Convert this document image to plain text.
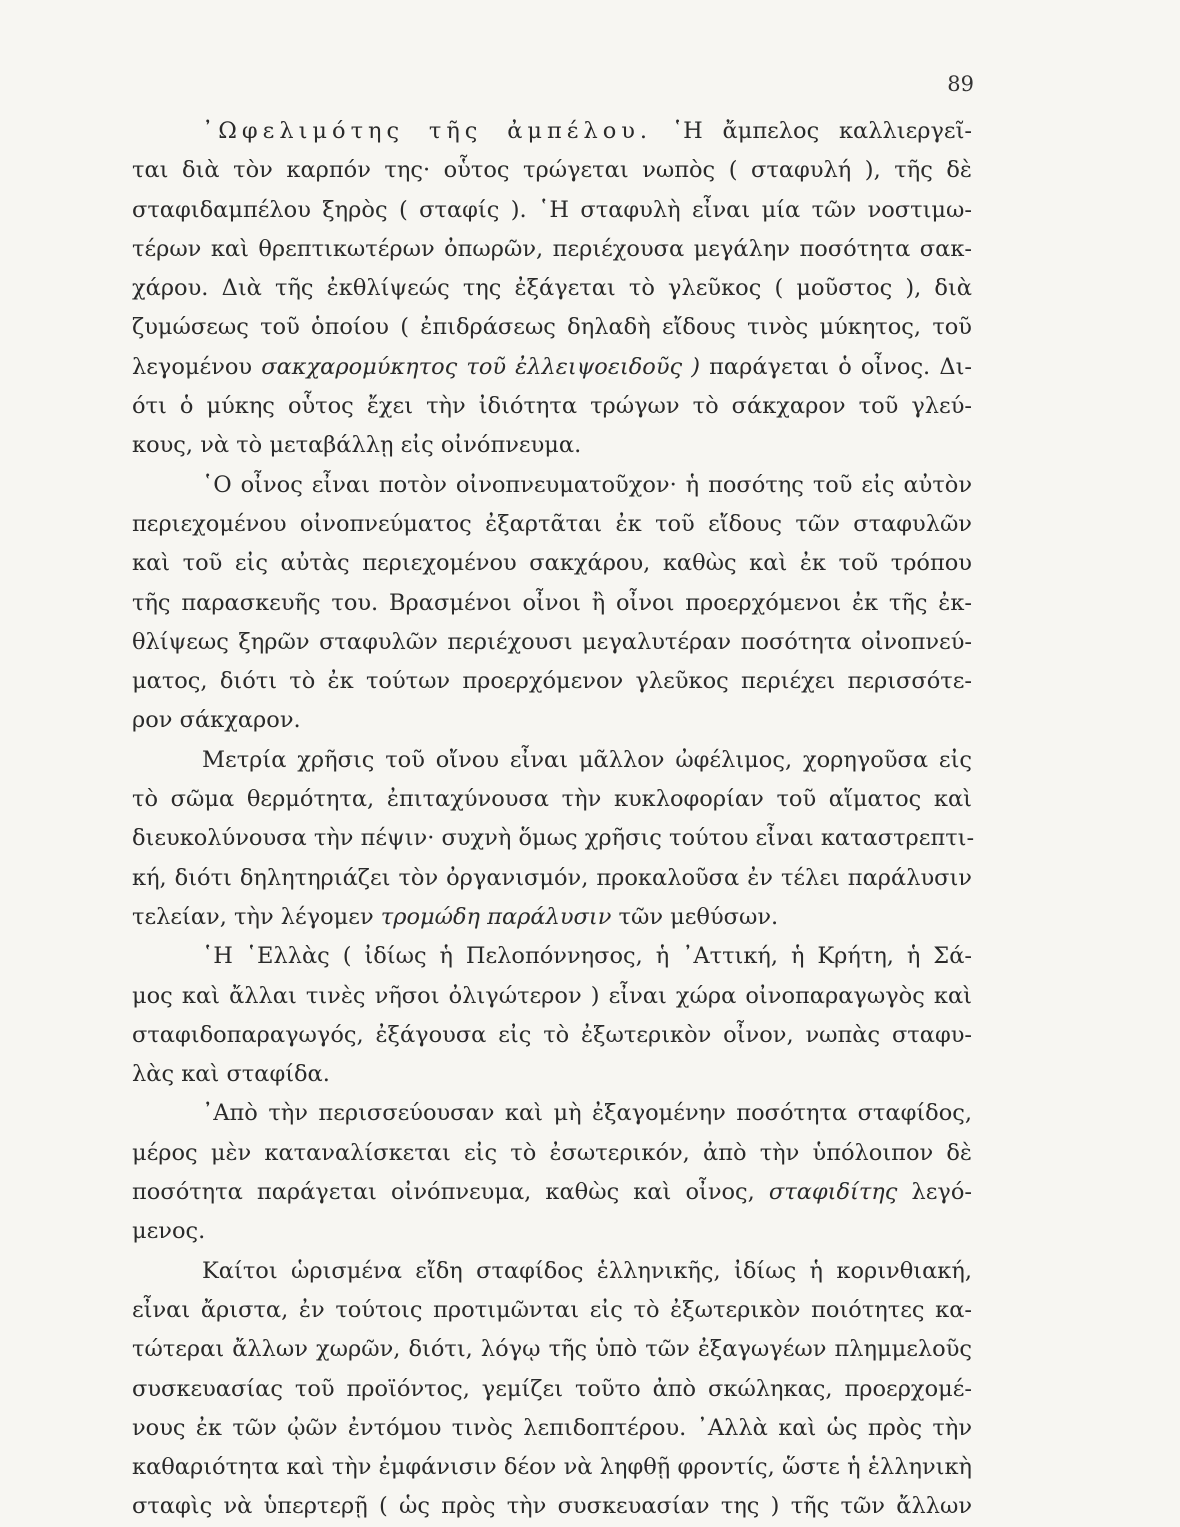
89
᾿Ωφελιμότης τῆς ἀμπέλου. ῾Η ἄμπελος καλλιεργεῖ-
ται διὰ τὸν καρπόν της· οὗτος τρώγεται νωπὸς ( σταφυλή ), τῆς δὲ
σταφιδαμπέλου ξηρὸς ( σταφίς ). ῾Η σταφυλὴ εἶναι μία τῶν νοστιμω-
τέρων καὶ θρεπτικωτέρων ὀπωρῶν, περιέχουσα μεγάλην ποσότητα σακ-
χάρου. Διὰ τῆς ἐκθλίψεώς της ἐξάγεται τὸ γλεῦκος ( μοῦστος ), διὰ
ζυμώσεως τοῦ ὁποίου ( ἐπιδράσεως δηλαδὴ εἴδους τινὸς μύκητος, τοῦ
λεγομένου σακχαρομύκητος τοῦ ἐλλειψοειδοῦς ) παράγεται ὁ οἶνος. Δι-
ότι ὁ μύκης οὗτος ἔχει τὴν ἰδιότητα τρώγων τὸ σάκχαρον τοῦ γλεύ-
κους, νὰ τὸ μεταβάλλῃ εἰς οἰνόπνευμα.
῾Ο οἶνος εἶναι ποτὸν οἰνοπνευματοῦχον· ἡ ποσότης τοῦ εἰς αὐτὸν
περιεχομένου οἰνοπνεύματος ἐξαρτᾶται ἐκ τοῦ εἴδους τῶν σταφυλῶν
καὶ τοῦ εἰς αὐτὰς περιεχομένου σακχάρου, καθὼς καὶ ἐκ τοῦ τρόπου
τῆς παρασκευῆς του. Βρασμένοι οἶνοι ἢ οἶνοι προερχόμενοι ἐκ τῆς ἐκ-
θλίψεως ξηρῶν σταφυλῶν περιέχουσι μεγαλυτέραν ποσότητα οἰνοπνεύ-
ματος, διότι τὸ ἐκ τούτων προερχόμενον γλεῦκος περιέχει περισσότε-
ρον σάκχαρον.
Μετρία χρῆσις τοῦ οἴνου εἶναι μᾶλλον ὠφέλιμος, χορηγοῦσα εἰς
τὸ σῶμα θερμότητα, ἐπιταχύνουσα τὴν κυκλοφορίαν τοῦ αἵματος καὶ
διευκολύνουσα τὴν πέψιν· συχνὴ ὅμως χρῆσις τούτου εἶναι καταστρεπτι-
κή, διότι δηλητηριάζει τὸν ὀργανισμόν, προκαλοῦσα ἐν τέλει παράλυσιν
τελείαν, τὴν λέγομεν τρομώδη παράλυσιν τῶν μεθύσων.
῾Η ῾Ελλὰς ( ἰδίως ἡ Πελοπόννησος, ἡ ᾿Αττική, ἡ Κρήτη, ἡ Σά-
μος καὶ ἄλλαι τινὲς νῆσοι ὀλιγώτερον ) εἶναι χώρα οἰνοπαραγωγὸς καὶ
σταφιδοπαραγωγός, ἐξάγουσα εἰς τὸ ἐξωτερικὸν οἶνον, νωπὰς σταφυ-
λὰς καὶ σταφίδα.
᾿Απὸ τὴν περισσεύουσαν καὶ μὴ ἐξαγομένην ποσότητα σταφίδος,
μέρος μὲν καταναλίσκεται εἰς τὸ ἐσωτερικόν, ἀπὸ τὴν ὑπόλοιπον δὲ
ποσότητα παράγεται οἰνόπνευμα, καθὼς καὶ οἶνος, σταφιδίτης λεγό-
μενος.
Καίτοι ὡρισμένα εἴδη σταφίδος ἑλληνικῆς, ἰδίως ἡ κορινθιακή,
εἶναι ἄριστα, ἐν τούτοις προτιμῶνται εἰς τὸ ἐξωτερικὸν ποιότητες κα-
τώτεραι ἄλλων χωρῶν, διότι, λόγῳ τῆς ὑπὸ τῶν ἐξαγωγέων πλημμελοῦς
συσκευασίας τοῦ προϊόντος, γεμίζει τοῦτο ἀπὸ σκώληκας, προερχομέ-
νους ἐκ τῶν ᾠῶν ἐντόμου τινὸς λεπιδοπτέρου. ᾿Αλλὰ καὶ ὡς πρὸς τὴν
καθαριότητα καὶ τὴν ἐμφάνισιν δέον νὰ ληφθῇ φροντίς, ὥστε ἡ ἑλληνικὴ
σταφὶς νὰ ὑπερτερῇ ( ὡς πρὸς τὴν συσκευασίαν της ) τῆς τῶν ἄλλων
